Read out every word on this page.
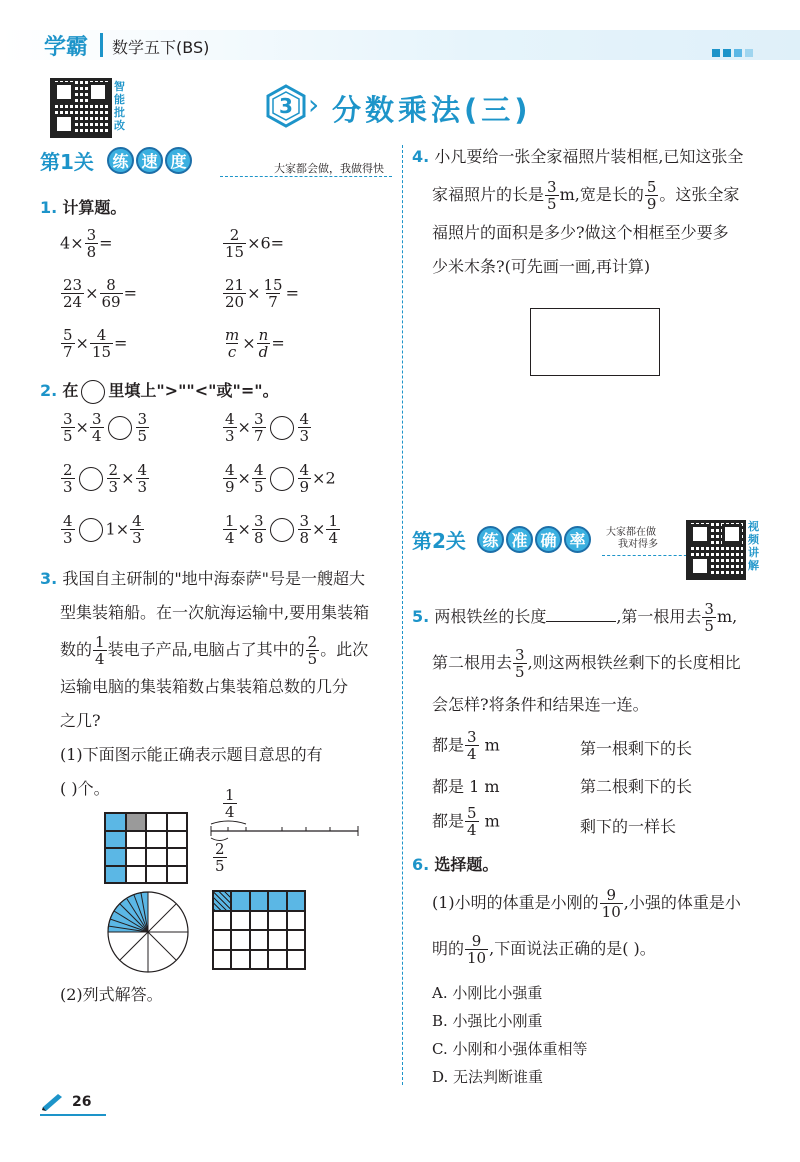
学霸 数学五下(BS)
智能批改
3 › 分数乘法(三)
第1关 练 速 度	大家都会做，我做得快
1. 计算题。
$4\times \frac{3}{8}$ =	$\frac{2}{15} \times 6=$
$\frac{23}{24} \times \frac{8}{69}$ =	$\frac{21}{20} \times \frac{15}{7}$ =
$\frac{5}{7} \times \frac{4}{15}$ =	$\frac{m}{c} \times \frac{n}{d}$ =
2. 在 里填上">""<"或"="。
$\frac{3}{5} \times \frac{3}{4} \frac{3}{5}$	$\frac{4}{3} \times \frac{3}{7} \frac{4}{3}$
$\frac{2}{3} \frac{2}{3} \times \frac{4}{3}$	$\frac{4}{9} \times \frac{4}{5} \frac{4}{9} \times 2$
$\frac{4}{3} 1\times \frac{4}{3}$	$\frac{1}{4} \times \frac{3}{8} \frac{3}{8} \times \frac{1}{4}$
3. 我国自主研制的"地中海泰萨"号是一艘超大
型集装箱船。在一次航海运输中,要用集装箱
数的 $\frac{1}{4}$ 装电子产品,电脑占了其中的 $\frac{2}{5}$ 。此次
运输电脑的集装箱数占集装箱总数的几分
之几?
(1)下面图示能正确表示题目意思的有
( )个。	$\frac{1}{4}$
$\frac{2}{5}$
(2)列式解答。
4. 小凡要给一张全家福照片装相框,已知这张全
家福照片的长是 $\frac{3}{5} m$,宽是长的 $\frac{5}{9}$ 。这张全家
福照片的面积是多少?做这个相框至少要多
少米木条?(可先画一画,再计算)
第2关 练 准 确 率 大家都在做
我对得多
视频讲解
5. 两根铁丝的长度	,第一根用去 $\frac{3}{5} m$,
第二根用去 $\frac{3}{5}$ ,则这两根铁丝剩下的长度相比
会怎样?将条件和结果连一连。
都是 $\frac{3}{4}$ m
都是 1 m
都是 $\frac{5}{4}$ m
第一根剩下的长
第二根剩下的长
剩下的一样长
6. 选择题。
(1)小明的体重是小刚的 $\frac{9}{10}$ ,小强的体重是小
明的 $\frac{9}{10}$ ,下面说法正确的是( )。
A. 小刚比小强重
B. 小强比小刚重
C. 小刚和小强体重相等
D. 无法判断谁重
26
